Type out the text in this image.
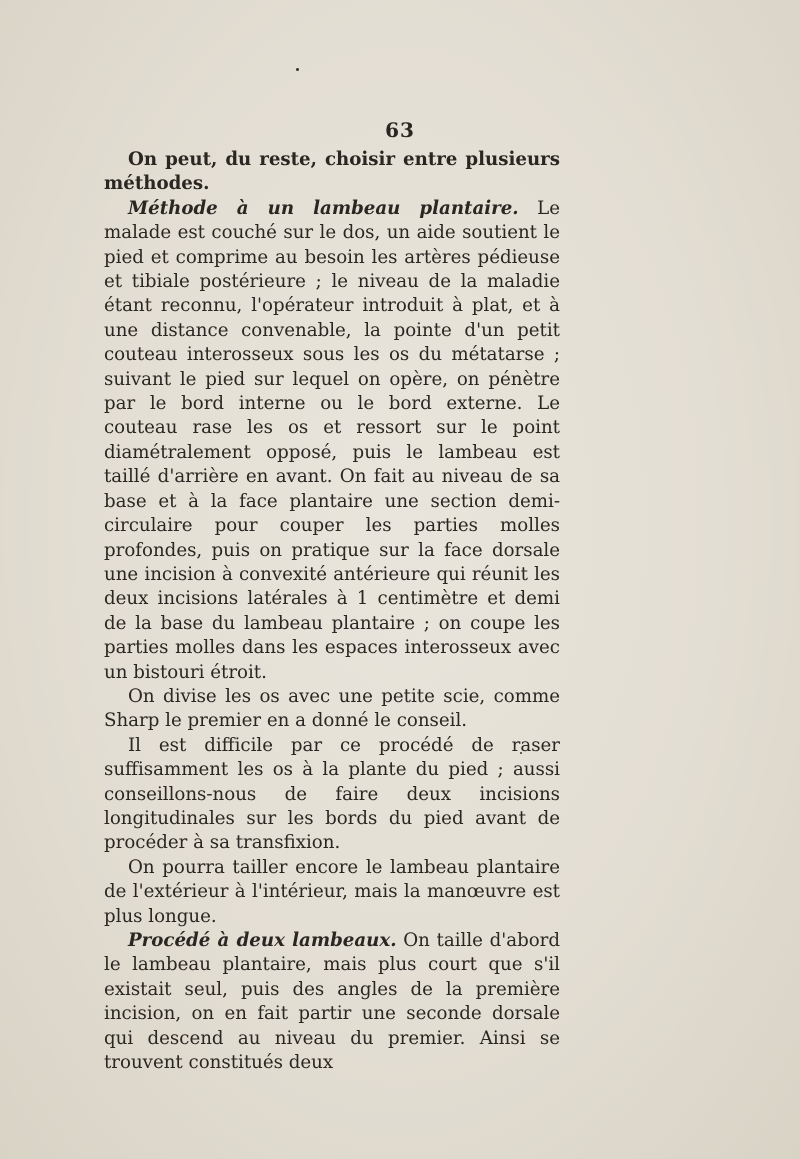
63

On peut, du reste, choisir entre plusieurs méthodes.

Méthode à un lambeau plantaire. Le malade est couché sur le dos, un aide soutient le pied et comprime au besoin les artères pédieuse et tibiale postérieure ; le niveau de la maladie étant reconnu, l'opérateur introduit à plat, et à une distance convenable, la pointe d'un petit couteau interosseux sous les os du métatarse ; suivant le pied sur lequel on opère, on pénètre par le bord interne ou le bord externe. Le couteau rase les os et ressort sur le point diamétralement opposé, puis le lambeau est taillé d'arrière en avant. On fait au niveau de sa base et à la face plantaire une section demi-circulaire pour couper les parties molles profondes, puis on pratique sur la face dorsale une incision à convexité antérieure qui réunit les deux incisions latérales à 1 centimètre et demi de la base du lambeau plantaire ; on coupe les parties molles dans les espaces interosseux avec un bistouri étroit.

On divise les os avec une petite scie, comme Sharp le premier en a donné le conseil.

Il est difficile par ce procédé de raser suffisamment les os à la plante du pied ; aussi conseillons-nous de faire deux incisions longitudinales sur les bords du pied avant de procéder à sa transfixion.

On pourra tailler encore le lambeau plantaire de l'extérieur à l'intérieur, mais la manœuvre est plus longue.

Procédé à deux lambeaux. On taille d'abord le lambeau plantaire, mais plus court que s'il existait seul, puis des angles de la première incision, on en fait partir une seconde dorsale qui descend au niveau du premier. Ainsi se trouvent constitués deux
